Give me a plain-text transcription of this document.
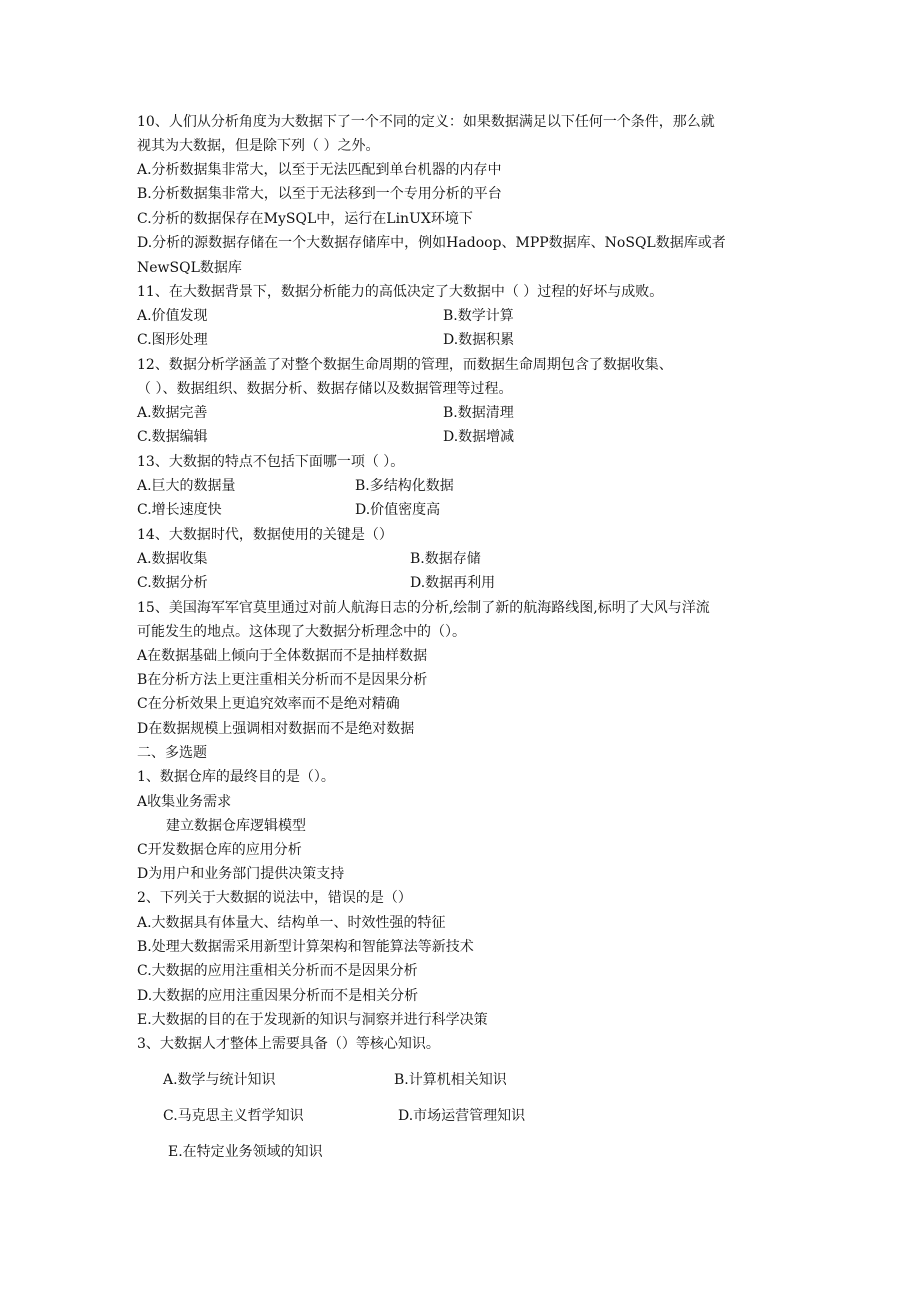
10、人们从分析角度为大数据下了一个不同的定义：如果数据满足以下任何一个条件，那么就
视其为大数据，但是除下列（ ）之外。
A.分析数据集非常大，以至于无法匹配到单台机器的内存中
B.分析数据集非常大，以至于无法移到一个专用分析的平台
C.分析的数据保存在MySQL中，运行在LinUX环境下
D.分析的源数据存储在一个大数据存储库中，例如Hadoop、MPP数据库、NoSQL数据库或者
NewSQL数据库
11、在大数据背景下，数据分析能力的高低决定了大数据中（ ）过程的好坏与成败。
A.价值发现	B.数学计算
C.图形处理	D.数据积累
12、数据分析学涵盖了对整个数据生命周期的管理，而数据生命周期包含了数据收集、
（ ）、数据组织、数据分析、数据存储以及数据管理等过程。
A.数据完善	B.数据清理
C.数据编辑	D.数据增减
13、大数据的特点不包括下面哪一项（ ）。
A.巨大的数据量	B.多结构化数据
C.增长速度快	D.价值密度高
14、大数据时代，数据使用的关键是（）
A.数据收集	B.数据存储
C.数据分析	D.数据再利用
15、美国海军军官莫里通过对前人航海日志的分析,绘制了新的航海路线图,标明了大风与洋流
可能发生的地点。这体现了大数据分析理念中的（）。
A在数据基础上倾向于全体数据而不是抽样数据
B在分析方法上更注重相关分析而不是因果分析
C在分析效果上更追究效率而不是绝对精确
D在数据规模上强调相对数据而不是绝对数据
二、多选题
1、数据仓库的最终目的是（）。
A收集业务需求
建立数据仓库逻辑模型
C开发数据仓库的应用分析
D为用户和业务部门提供决策支持
2、下列关于大数据的说法中，错误的是（）
A.大数据具有体量大、结构单一、时效性强的特征
B.处理大数据需采用新型计算架构和智能算法等新技术
C.大数据的应用注重相关分析而不是因果分析
D.大数据的应用注重因果分析而不是相关分析
E.大数据的目的在于发现新的知识与洞察并进行科学决策
3、大数据人才整体上需要具备（）等核心知识。
A.数学与统计知识	B.计算机相关知识
C.马克思主义哲学知识	D.市场运营管理知识
E.在特定业务领域的知识
